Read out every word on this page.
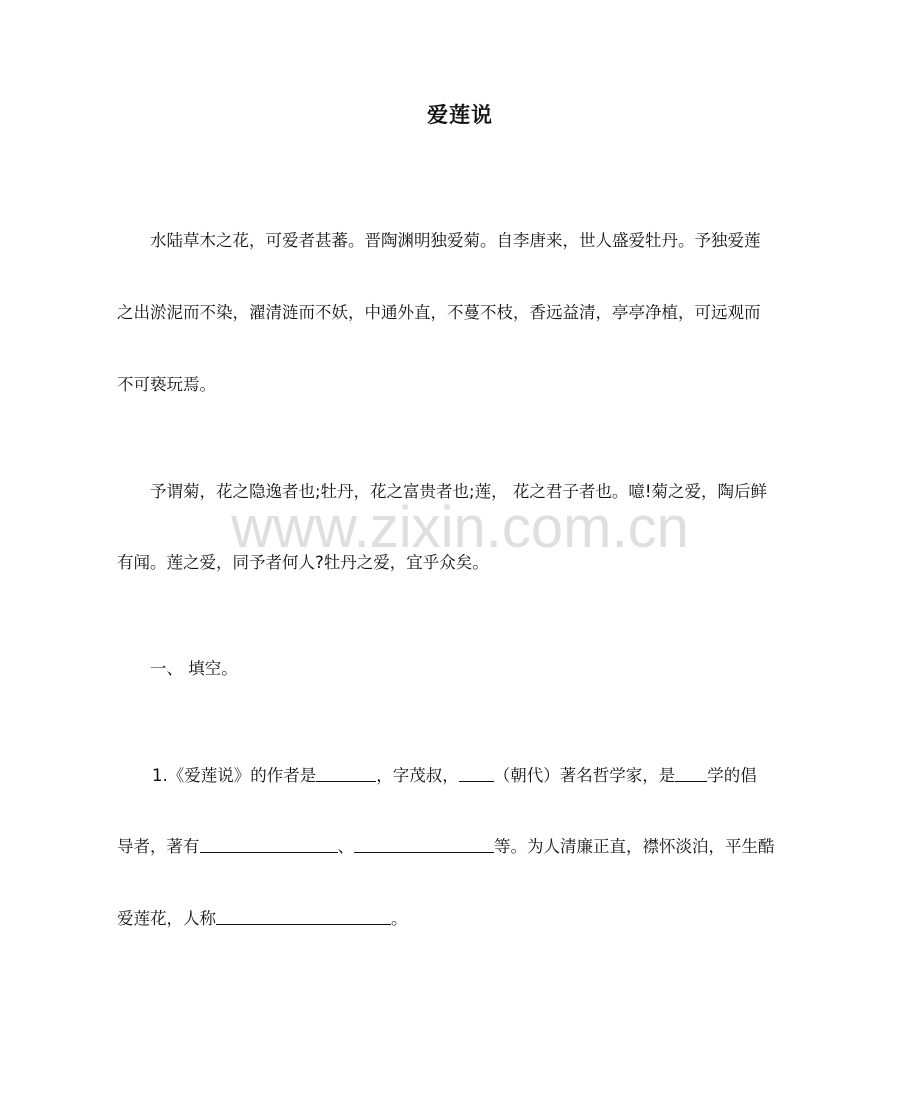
爱莲说
水陆草木之花，可爱者甚蕃。晋陶渊明独爱菊。自李唐来，世人盛爱牡丹。予独爱莲
之出淤泥而不染，濯清涟而不妖，中通外直，不蔓不枝，香远益清，亭亭净植，可远观而
不可亵玩焉。
予谓菊，花之隐逸者也;牡丹，花之富贵者也;莲， 花之君子者也。噫!菊之爱，陶后鲜
有闻。莲之爱，同予者何人?牡丹之爱，宜乎众矣。
一、 填空。
1.《爱莲说》的作者是	，字茂叔， （朝代）著名哲学家，是 学的倡
导者，著有	、	等。为人清廉正直，襟怀淡泊，平生酷
爱莲花，人称	。
www.zixin.com.cn
